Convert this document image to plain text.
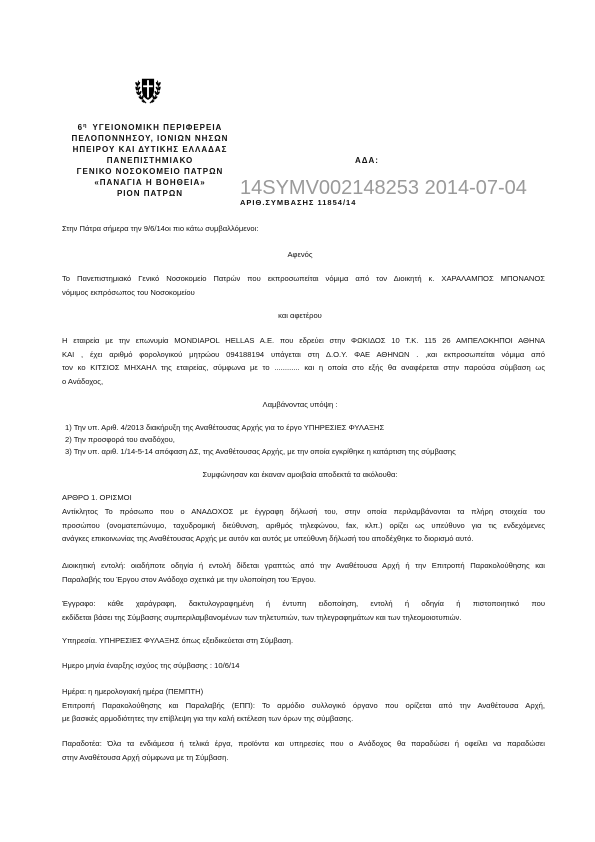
$6^\eta$ ΥΓΕΙΟΝΟΜΙΚΗ ΠΕΡΙΦΕΡΕΙΑ
ΠΕΛΟΠΟΝΝΗΣΟΥ, ΙΟΝΙΩΝ ΝΗΣΩΝ
ΗΠΕΙΡΟΥ ΚΑΙ ΔΥΤΙΚΗΣ ΕΛΛΑΔΑΣ
ΠΑΝΕΠΙΣΤΗΜΙΑΚΟ
ΓΕΝΙΚΟ ΝΟΣΟΚΟΜΕΙΟ ΠΑΤΡΩΝ
«ΠΑΝΑΓΙΑ Η ΒΟΗΘΕΙΑ»
ΡΙΟΝ ΠΑΤΡΩΝ
ΑΔΑ:
14SYMV002148253 2014-07-04
ΑΡΙΘ.ΣΥΜΒΑΣΗΣ 11854/14
Στην Πάτρα σήμερα την 9/6/14οι πιο κάτω συμβαλλόμενοι:
Αφενός
Το Πανεπιστημιακό Γενικό Νοσοκομείο Πατρών που εκπροσωπείται νόμιμα από τον Διοικητή κ. ΧΑΡΑΛΑΜΠΟΣ ΜΠΟΝΑΝΟΣ
νόμιμος εκπρόσωπος του Νοσοκομείου
και αφετέρου
Η εταιρεία με την επωνυμία MONDIAPOL HELLAS A.E. που εδρεύει στην ΦΩΚΙΔΟΣ 10 Τ.Κ. 115 26 ΑΜΠΕΛΟΚΗΠΟΙ ΑΘΗΝΑ
ΚΑΙ , έχει αριθμό φορολογικού μητρώου 094188194 υπάγεται στη Δ.Ο.Υ. ΦΑΕ ΑΘΗΝΩΝ . ,και εκπροσωπείται νόμιμα από
τον κο ΚΙΤΣΙΟΣ ΜΗΧΑΗΛ της εταιρείας, σύμφωνα με το ............ και η οποία στο εξής θα αναφέρεται στην παρούσα σύμβαση ως
ο Ανάδοχος,
Λαμβάνοντας υπόψη :
1) Την υπ. Αριθ. 4/2013 διακήρυξη της Αναθέτουσας Αρχής για το έργο ΥΠΗΡΕΣΙΕΣ ΦΥΛΑΞΗΣ
2) Την προσφορά του αναδόχου,
3) Την υπ. αριθ. 1/14-5-14 απόφαση ΔΣ, της Αναθέτουσας Αρχής, με την οποία εγκρίθηκε η κατάρτιση της σύμβασης
Συμφώνησαν και έκαναν αμοιβαία αποδεκτά τα ακόλουθα:
ΑΡΘΡΟ 1. ΟΡΙΣΜΟΙ
Αντίκλητος Το πρόσωπο που ο ΑΝΑΔΟΧΟΣ με έγγραφη δήλωσή του, στην οποία περιλαμβάνονται τα πλήρη στοιχεία του
προσώπου (ονοματεπώνυμο, ταχυδρομική διεύθυνση, αριθμός τηλεφώνου, fax, κλπ.) ορίζει ως υπεύθυνο για τις ενδεχόμενες
ανάγκες επικοινωνίας της Αναθέτουσας Αρχής με αυτόν και αυτός με υπεύθυνη δήλωσή του αποδέχθηκε το διορισμό αυτό.
Διοικητική εντολή: οιαδήποτε οδηγία ή εντολή δίδεται γραπτώς από την Αναθέτουσα Αρχή ή την Επιτροπή Παρακολούθησης και
Παραλαβής του Έργου στον Ανάδοχο σχετικά με την υλοποίηση του Έργου.
Έγγραφο: κάθε χαράγραφη, δακτυλογραφημένη ή έντυπη ειδοποίηση, εντολή ή οδηγία ή πιστοποιητικό που
εκδίδεται βάσει της Σύμβασης συμπεριλαμβανομένων των τηλετυπιών, των τηλεγραφημάτων και των τηλεομοιοτυπιών.
Υπηρεσία. ΥΠΗΡΕΣΙΕΣ ΦΥΛΑΞΗΣ όπως εξειδικεύεται στη Σύμβαση.
Ημερο μηνία έναρξης ισχύος της σύμβασης : 10/6/14
Ημέρα: η ημερολογιακή ημέρα (ΠΕΜΠΤΗ)
Επιτροπή Παρακολούθησης και Παραλαβής (ΕΠΠ): Το αρμόδιο συλλογικό όργανο που ορίζεται από την Αναθέτουσα Αρχή,
με βασικές αρμοδιότητες την επίβλεψη για την καλή εκτέλεση των όρων της σύμβασης.
Παραδοτέα: Όλα τα ενδιάμεσα ή τελικά έργα, προϊόντα και υπηρεσίες που ο Ανάδοχος θα παραδώσει ή οφείλει να παραδώσει
στην Αναθέτουσα Αρχή σύμφωνα με τη Σύμβαση.
